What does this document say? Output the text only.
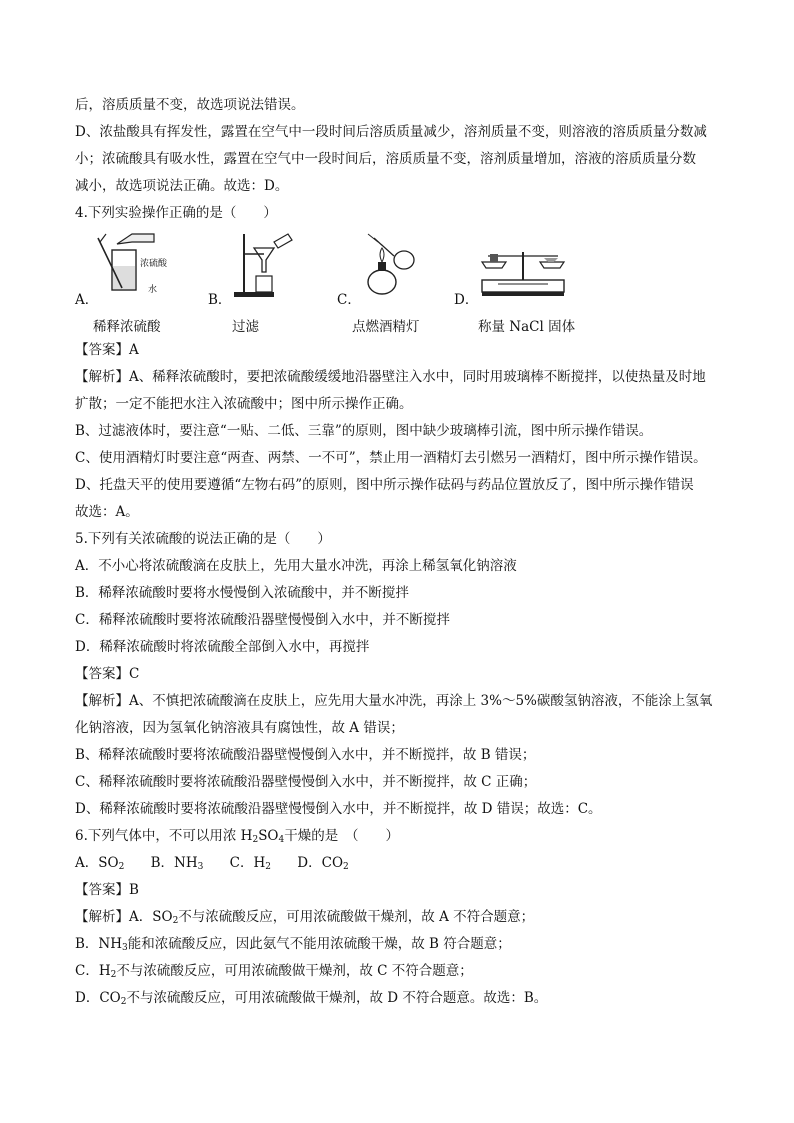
后，溶质质量不变，故选项说法错误。
D、浓盐酸具有挥发性，露置在空气中一段时间后溶质质量减少，溶剂质量不变，则溶液的溶质质量分数减
小；浓硫酸具有吸水性，露置在空气中一段时间后，溶质质量不变，溶剂质量增加，溶液的溶质质量分数
减小，故选项说法正确。故选：D。
4.下列实验操作正确的是（　　）
浓硫酸
水
A．	B．	C．	D．
稀释浓硫酸	过滤	点燃酒精灯	称量 NaCl 固体
【答案】A
【解析】A、稀释浓硫酸时，要把浓硫酸缓缓地沿器壁注入水中，同时用玻璃棒不断搅拌，以使热量及时地
扩散；一定不能把水注入浓硫酸中；图中所示操作正确。
B、过滤液体时，要注意“一贴、二低、三靠”的原则，图中缺少玻璃棒引流，图中所示操作错误。
C、使用酒精灯时要注意“两查、两禁、一不可”，禁止用一酒精灯去引燃另一酒精灯，图中所示操作错误。
D、托盘天平的使用要遵循“左物右码”的原则，图中所示操作砝码与药品位置放反了，图中所示操作错误
故选：A。
5.下列有关浓硫酸的说法正确的是（　　）
A．不小心将浓硫酸滴在皮肤上，先用大量水冲洗，再涂上稀氢氧化钠溶液
B．稀释浓硫酸时要将水慢慢倒入浓硫酸中，并不断搅拌
C．稀释浓硫酸时要将浓硫酸沿器壁慢慢倒入水中，并不断搅拌
D．稀释浓硫酸时将浓硫酸全部倒入水中，再搅拌
【答案】C
【解析】A、不慎把浓硫酸滴在皮肤上，应先用大量水冲洗，再涂上 3%～5%碳酸氢钠溶液，不能涂上氢氧
化钠溶液，因为氢氧化钠溶液具有腐蚀性，故 A 错误；
B、稀释浓硫酸时要将浓硫酸沿器壁慢慢倒入水中，并不断搅拌，故 B 错误；
C、稀释浓硫酸时要将浓硫酸沿器壁慢慢倒入水中，并不断搅拌，故 C 正确；
D、稀释浓硫酸时要将浓硫酸沿器壁慢慢倒入水中，并不断搅拌，故 D 错误；故选：C。
6.下列气体中，不可以用浓 $H_2SO_4$干燥的是　（　　）
A．$SO_2$ B．$NH_3$ C．$H_2$ D．$CO_2$
【答案】B
【解析】A．$SO_2$不与浓硫酸反应，可用浓硫酸做干燥剂，故 A 不符合题意；
B．$NH_3$能和浓硫酸反应，因此氨气不能用浓硫酸干燥，故 B 符合题意；
C．$H_2$不与浓硫酸反应，可用浓硫酸做干燥剂，故 C 不符合题意；
D．$CO_2$不与浓硫酸反应，可用浓硫酸做干燥剂，故 D 不符合题意。故选：B。
